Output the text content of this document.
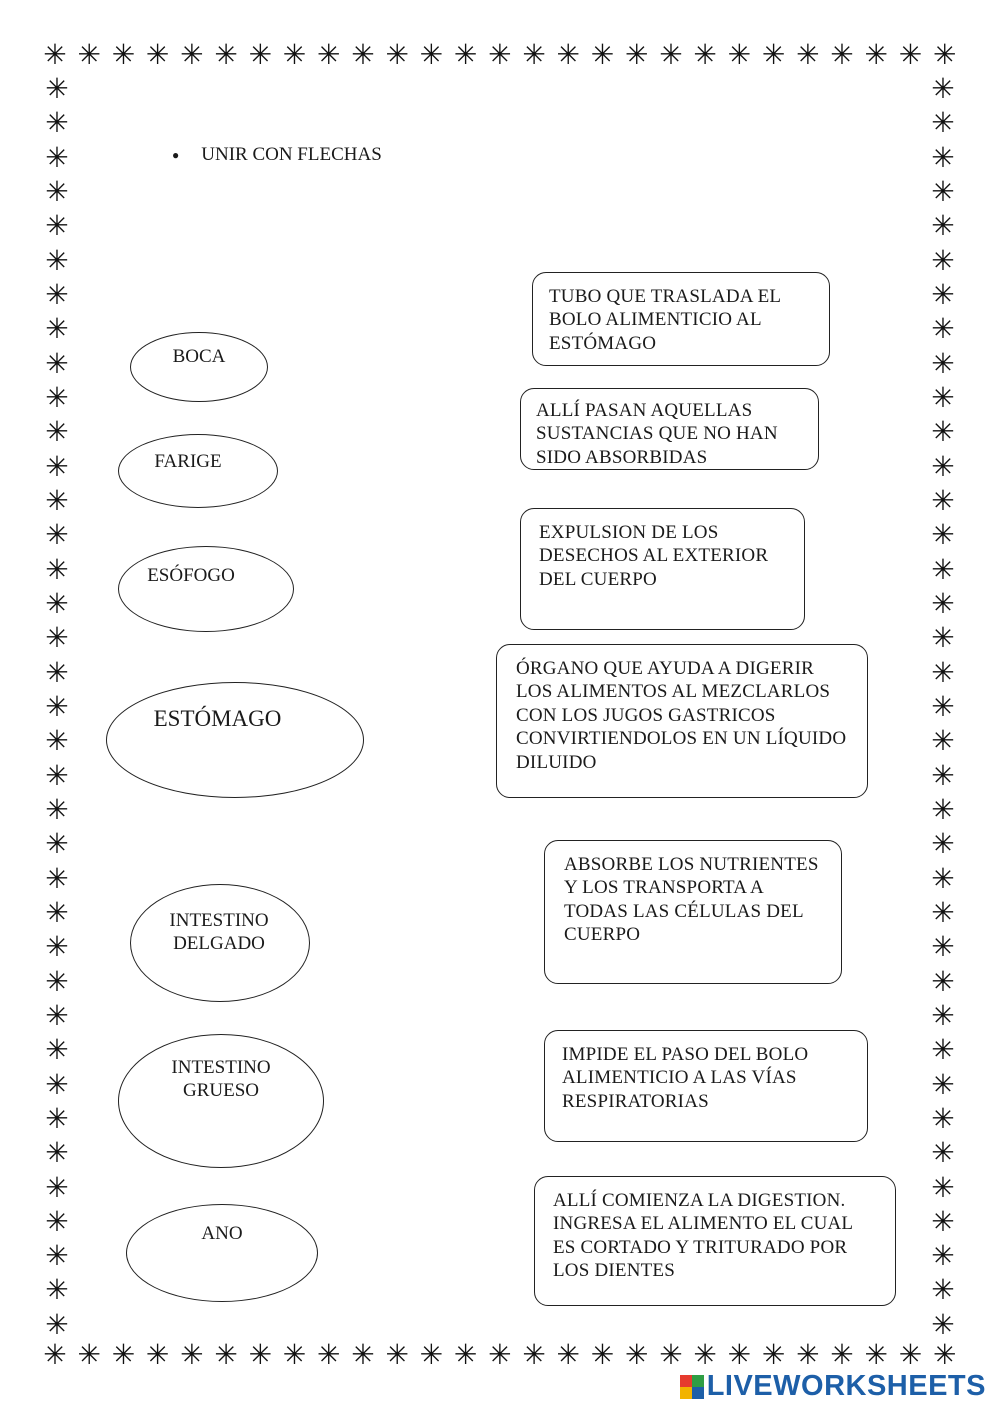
✳ ✳ ✳ ✳ ✳ ✳ ✳ ✳ ✳ ✳ ✳ ✳ ✳ ✳ ✳ ✳ ✳ ✳ ✳ ✳ ✳ ✳ ✳ ✳ ✳ ✳ ✳
✳ ✳ ✳ ✳ ✳ ✳ ✳ ✳ ✳ ✳ ✳ ✳ ✳ ✳ ✳ ✳ ✳ ✳ ✳ ✳ ✳ ✳ ✳ ✳ ✳ ✳ ✳
✳
✳
✳
✳
✳
✳
✳
✳
✳
✳
✳
✳
✳
✳
✳
✳
✳
✳
✳
✳
✳
✳
✳
✳
✳
✳
✳
✳
✳
✳
✳
✳
✳
✳
✳
✳
✳
✳
✳
✳
✳
✳
✳
✳
✳
✳
✳
✳
✳
✳
✳
✳
✳
✳
✳
✳
✳
✳
✳
✳
✳
✳
✳
✳
✳
✳
✳
✳
✳
✳
✳
✳
✳
✳
● UNIR CON FLECHAS
BOCA
FARIGE
ESÓFOGO
ESTÓMAGO
INTESTINO
DELGADO
INTESTINO
GRUESO
ANO
TUBO QUE TRASLADA EL BOLO ALIMENTICIO AL ESTÓMAGO
ALLÍ PASAN AQUELLAS SUSTANCIAS QUE NO HAN SIDO ABSORBIDAS
EXPULSION DE LOS DESECHOS AL EXTERIOR DEL CUERPO
ÓRGANO QUE AYUDA A DIGERIR LOS ALIMENTOS AL MEZCLARLOS CON LOS JUGOS GASTRICOS CONVIRTIENDOLOS EN UN LÍQUIDO DILUIDO
ABSORBE LOS NUTRIENTES Y LOS TRANSPORTA A TODAS LAS CÉLULAS DEL CUERPO
IMPIDE EL PASO DEL BOLO ALIMENTICIO A LAS VÍAS RESPIRATORIAS
ALLÍ COMIENZA LA DIGESTION. INGRESA EL ALIMENTO EL CUAL ES CORTADO Y TRITURADO POR LOS DIENTES
LIVEWORKSHEETS
